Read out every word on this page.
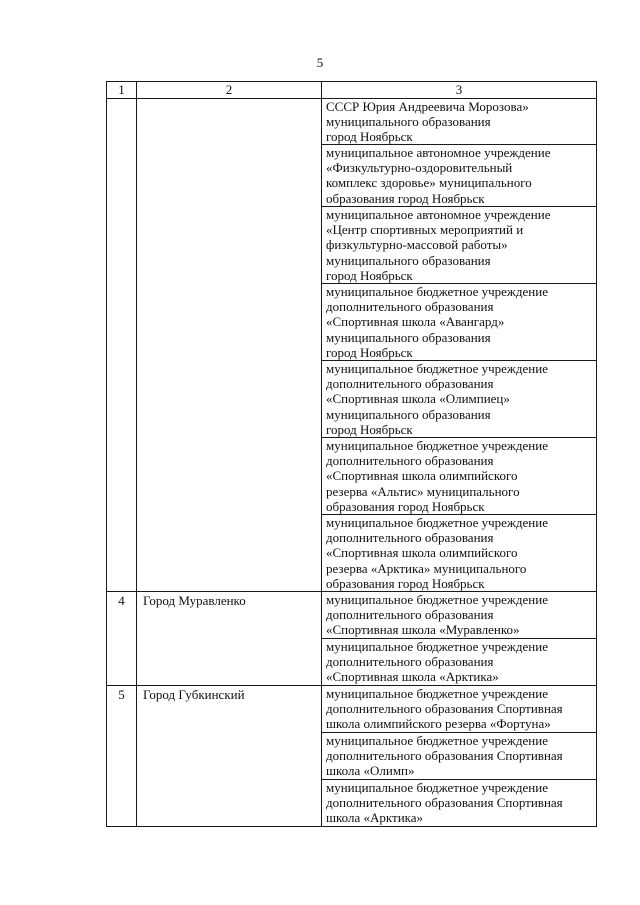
5
1	2	3

		СССР Юрия Андреевича Морозова»
муниципального образования
город Ноябрьск

		муниципальное автономное учреждение
«Физкультурно-оздоровительный
комплекс здоровье» муниципального
образования город Ноябрьск

		муниципальное автономное учреждение
«Центр спортивных мероприятий и
физкультурно-массовой работы»
муниципального образования
город Ноябрьск

		муниципальное бюджетное учреждение
дополнительного образования
«Спортивная школа «Авангард»
муниципального образования
город Ноябрьск

		муниципальное бюджетное учреждение
дополнительного образования
«Спортивная школа «Олимпиец»
муниципального образования
город Ноябрьск

		муниципальное бюджетное учреждение
дополнительного образования
«Спортивная школа олимпийского
резерва «Альтис» муниципального
образования город Ноябрьск

		муниципальное бюджетное учреждение
дополнительного образования
«Спортивная школа олимпийского
резерва «Арктика» муниципального
образования город Ноябрьск

4	Город Муравленко	муниципальное бюджетное учреждение
дополнительного образования
«Спортивная школа «Муравленко»

		муниципальное бюджетное учреждение
дополнительного образования
«Спортивная школа «Арктика»

5	Город Губкинский	муниципальное бюджетное учреждение
дополнительного образования Спортивная
школа олимпийского резерва «Фортуна»

		муниципальное бюджетное учреждение
дополнительного образования Спортивная
школа «Олимп»

		муниципальное бюджетное учреждение
дополнительного образования Спортивная
школа «Арктика»
